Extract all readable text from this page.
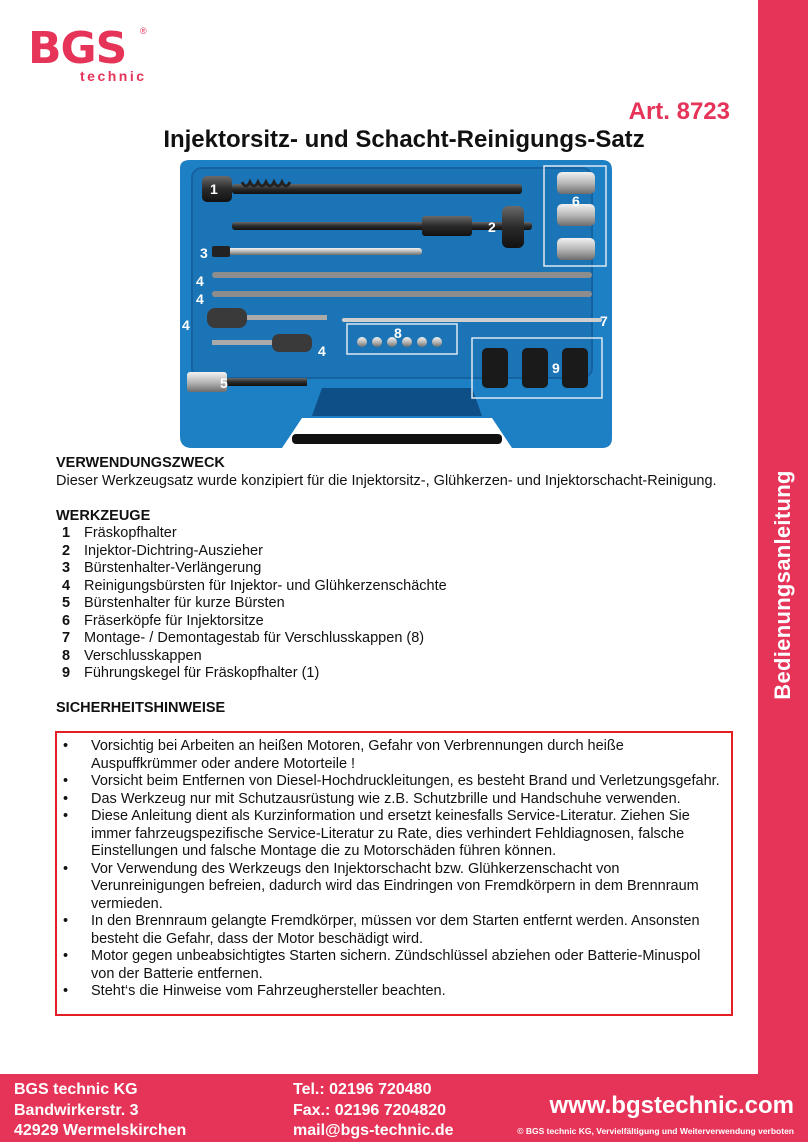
Bedienungsanleitung
BGS ®
technic
Art. 8723
Injektorsitz- und Schacht-Reinigungs-Satz
1
2
3
4
4
4
4
5
6
7
8
9
VERWENDUNGSZWECK

Dieser Werkzeugsatz wurde konzipiert für die Injektorsitz-, Glühkerzen- und Injektorschacht-Reinigung.

WERKZEUGE
1 Fräskopfhalter
2 Injektor-Dichtring-Auszieher
3 Bürstenhalter-Verlängerung
4 Reinigungsbürsten für Injektor- und Glühkerzenschächte
5 Bürstenhalter für kurze Bürsten
6 Fräserköpfe für Injektorsitze
7 Montage- / Demontagestab für Verschlusskappen (8)
8 Verschlusskappen
9 Führungskegel für Fräskopfhalter (1)
SICHERHEITSHINWEISE
•	Vorsichtig bei Arbeiten an heißen Motoren, Gefahr von Verbrennungen durch heiße Auspuffkrümmer oder andere Motorteile !
•	Vorsicht beim Entfernen von Diesel-Hochdruckleitungen, es besteht Brand und Verletzungsgefahr.
•	Das Werkzeug nur mit Schutzausrüstung wie z.B. Schutzbrille und Handschuhe verwenden.
•	Diese Anleitung dient als Kurzinformation und ersetzt keinesfalls Service-Literatur. Ziehen Sie immer fahrzeugspezifische Service-Literatur zu Rate, dies verhindert Fehldiagnosen, falsche Einstellungen und falsche Montage die zu Motorschäden führen können.
•	Vor Verwendung des Werkzeugs den Injektorschacht bzw. Glühkerzenschacht von Verunreinigungen befreien, dadurch wird das Eindringen von Fremdkörpern in dem Brennraum vermieden.
•	In den Brennraum gelangte Fremdkörper, müssen vor dem Starten entfernt werden. Ansonsten besteht die Gefahr, dass der Motor beschädigt wird.
•	Motor gegen unbeabsichtigtes Starten sichern. Zündschlüssel abziehen oder Batterie-Minuspol von der Batterie entfernen.
•	Steht‘s die Hinweise vom Fahrzeughersteller beachten.
BGS technic KG
Bandwirkerstr. 3
42929 Wermelskirchen
Tel.: 02196 720480
Fax.: 02196 7204820
mail@bgs-technic.de
www.bgstechnic.com
© BGS technic KG, Vervielfältigung und Weiterverwendung verboten
